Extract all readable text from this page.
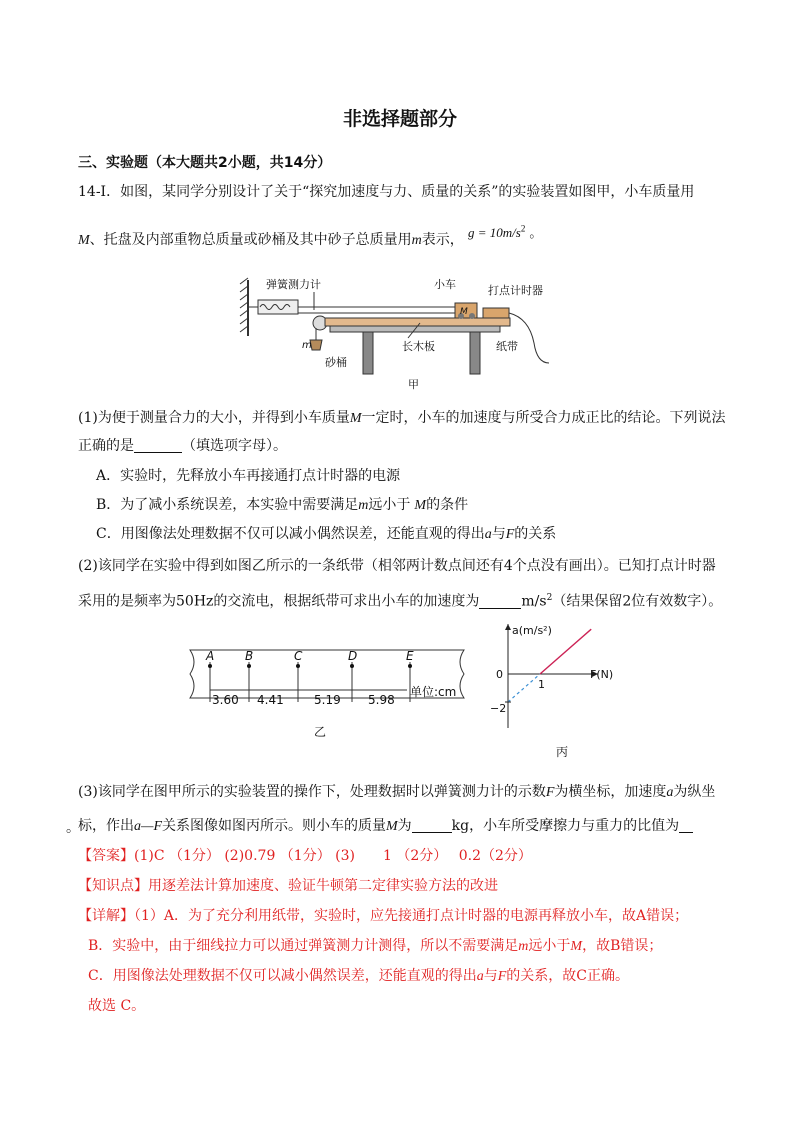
非选择题部分
三、实验题（本大题共2小题，共14分）
14-Ⅰ．如图，某同学分别设计了关于“探究加速度与力、质量的关系”的实验装置如图甲，小车质量用
M、托盘及内部重物总质量或砂桶及其中砂子总质量用m表示， $g = 10m/s^2$ 。
弹簧测力计	小车
M
打点计时器
m
砂桶
长木板	纸带
甲
(1)为便于测量合力的大小，并得到小车质量M一定时，小车的加速度与所受合力成正比的结论。下列说法
正确的是	（填选项字母）。
A．实验时，先释放小车再接通打点计时器的电源
B．为了减小系统误差，本实验中需要满足m远小于 M的条件
C．用图像法处理数据不仅可以减小偶然误差，还能直观的得出a与F的关系
(2)该同学在实验中得到如图乙所示的一条纸带（相邻两计数点间还有4个点没有画出）。已知打点计时器
采用的是频率为50Hz的交流电，根据纸带可求出小车的加速度为	$m/s^2$（结果保留2位有效数字）。
A	B	C	D	E
3.60 4.41	5.19 5.98
单位:cm
乙
a(m/s²)
F(N)
0
1
−2
丙
(3)该同学在图甲所示的实验装置的操作下，处理数据时以弹簧测力计的示数F为横坐标，加速度a为纵坐
标，作出a—F关系图像如图丙所示。则小车的质量M为	kg，小车所受摩擦力与重力的比值为
。
【答案】(1)C （1分） (2)0.79 （1分） (3)　　1 （2分）　 0.2（2分）
【知识点】用逐差法计算加速度、验证牛顿第二定律实验方法的改进
【详解】（1）A．为了充分利用纸带，实验时，应先接通打点计时器的电源再释放小车，故A错误；
B．实验中，由于细线拉力可以通过弹簧测力计测得，所以不需要满足m远小于M，故B错误；
C．用图像法处理数据不仅可以减小偶然误差，还能直观的得出a与F的关系，故C正确。
故选 C。
